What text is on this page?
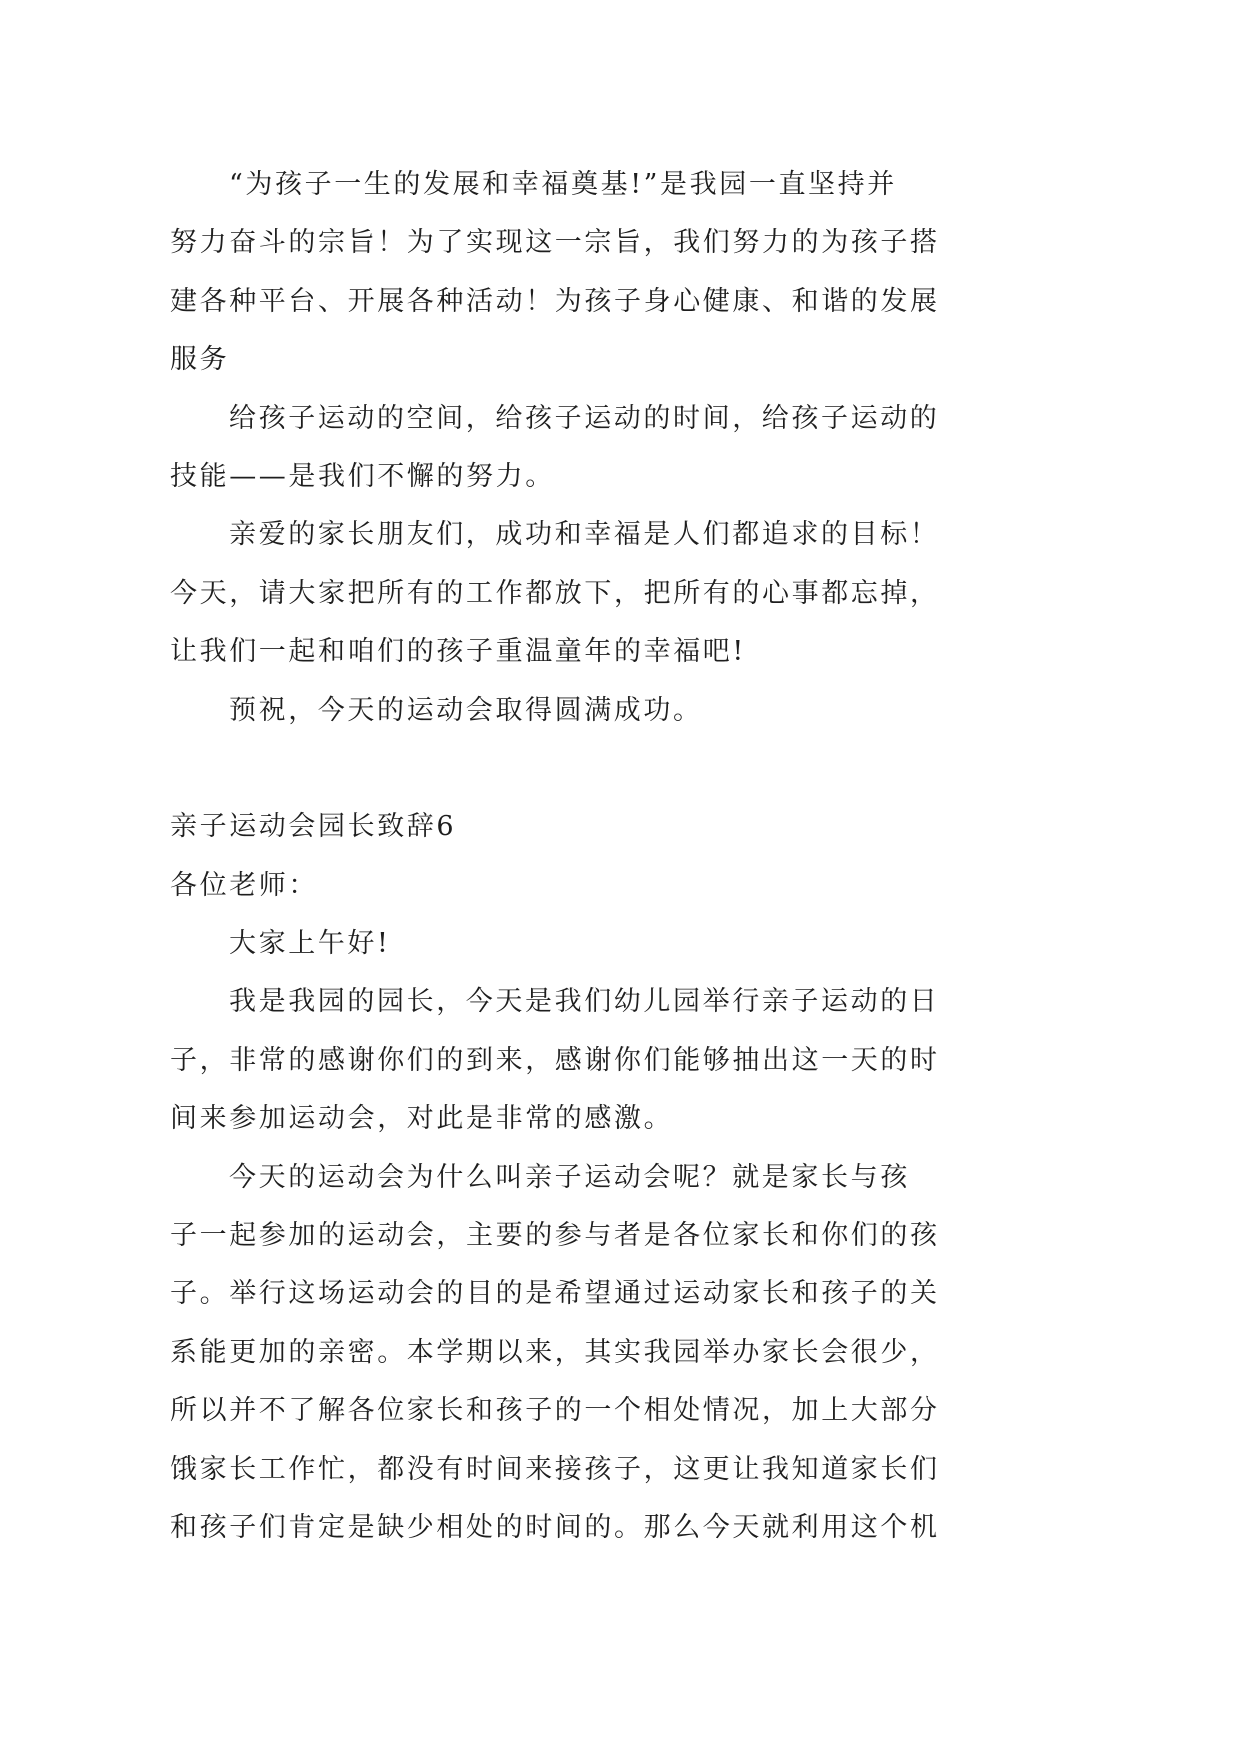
“为孩子一生的发展和幸福奠基!”是我园一直坚持并
努力奋斗的宗旨！为了实现这一宗旨，我们努力的为孩子搭
建各种平台、开展各种活动！为孩子身心健康、和谐的发展
服务
给孩子运动的空间，给孩子运动的时间，给孩子运动的
技能——是我们不懈的努力。
亲爱的家长朋友们，成功和幸福是人们都追求的目标！
今天，请大家把所有的工作都放下，把所有的心事都忘掉，
让我们一起和咱们的孩子重温童年的幸福吧!
预祝，今天的运动会取得圆满成功。
亲子运动会园长致辞6
各位老师：
大家上午好!
我是我园的园长，今天是我们幼儿园举行亲子运动的日
子，非常的感谢你们的到来，感谢你们能够抽出这一天的时
间来参加运动会，对此是非常的感激。
今天的运动会为什么叫亲子运动会呢？就是家长与孩
子一起参加的运动会，主要的参与者是各位家长和你们的孩
子。举行这场运动会的目的是希望通过运动家长和孩子的关
系能更加的亲密。本学期以来，其实我园举办家长会很少，
所以并不了解各位家长和孩子的一个相处情况，加上大部分
饿家长工作忙，都没有时间来接孩子，这更让我知道家长们
和孩子们肯定是缺少相处的时间的。那么今天就利用这个机
